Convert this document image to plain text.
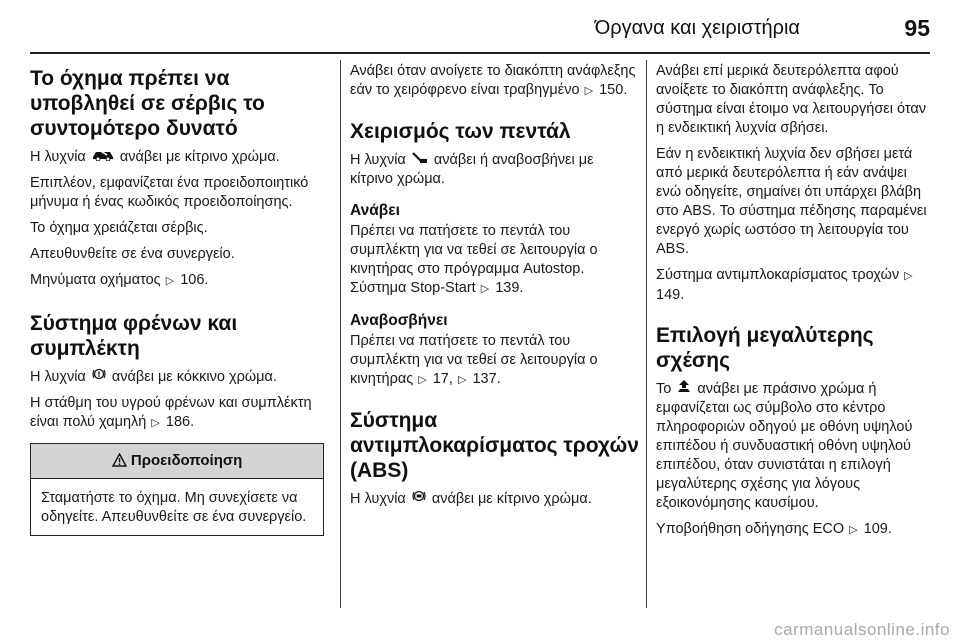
Όργανα και χειριστήρια	95
Το όχημα πρέπει να υποβληθεί σε σέρβις το συντομότερο δυνατό

Η λυχνία ανάβει με κίτρινο χρώμα.

Επιπλέον, εμφανίζεται ένα προειδοποιητικό μήνυμα ή ένας κωδικός προειδοποίησης.

Το όχημα χρειάζεται σέρβις.

Απευθυνθείτε σε ένα συνεργείο.

Μηνύματα οχήματος ▷ 106.

Σύστημα φρένων και συμπλέκτη

Η λυχνία ανάβει με κόκκινο χρώμα.

Η στάθμη του υγρού φρένων και συμπλέκτη είναι πολύ χαμηλή ▷ 186.

Προειδοποίηση

Σταματήστε το όχημα. Μη συνεχίσετε να οδηγείτε. Απευθυνθείτε σε ένα συνεργείο.

Ανάβει όταν ανοίγετε το διακόπτη ανάφλεξης εάν το χειρόφρενο είναι τραβηγμένο ▷ 150.

Χειρισμός των πεντάλ

Η λυχνία ανάβει ή αναβοσβήνει με κίτρινο χρώμα.

Ανάβει

Πρέπει να πατήσετε το πεντάλ του συμπλέκτη για να τεθεί σε λειτουργία ο κινητήρας στο πρόγραμμα Autostop. Σύστημα Stop-Start ▷ 139.

Αναβοσβήνει

Πρέπει να πατήσετε το πεντάλ του συμπλέκτη για να τεθεί σε λειτουργία ο κινητήρας ▷ 17, ▷ 137.

Σύστημα αντιμπλοκαρίσματος τροχών (ABS)

Η λυχνία ανάβει με κίτρινο χρώμα.

Ανάβει επί μερικά δευτερόλεπτα αφού ανοίξετε το διακόπτη ανάφλεξης. Το σύστημα είναι έτοιμο να λειτουργήσει όταν η ενδεικτική λυχνία σβήσει.

Εάν η ενδεικτική λυχνία δεν σβήσει μετά από μερικά δευτερόλεπτα ή εάν ανάψει ενώ οδηγείτε, σημαίνει ότι υπάρχει βλάβη στο ABS. Το σύστημα πέδησης παραμένει ενεργό χωρίς ωστόσο τη λειτουργία του ABS.

Σύστημα αντιμπλοκαρίσματος τροχών ▷ 149.

Επιλογή μεγαλύτερης σχέσης

Το ανάβει με πράσινο χρώμα ή εμφανίζεται ως σύμβολο στο κέντρο πληροφοριών οδηγού με οθόνη υψηλού επιπέδου ή συνδυαστική οθόνη υψηλού επιπέδου, όταν συνιστάται η επιλογή μεγαλύτερης σχέσης για λόγους εξοικονόμησης καυσίμου.

Υποβοήθηση οδήγησης ECO ▷ 109.

carmanualsonline.info
